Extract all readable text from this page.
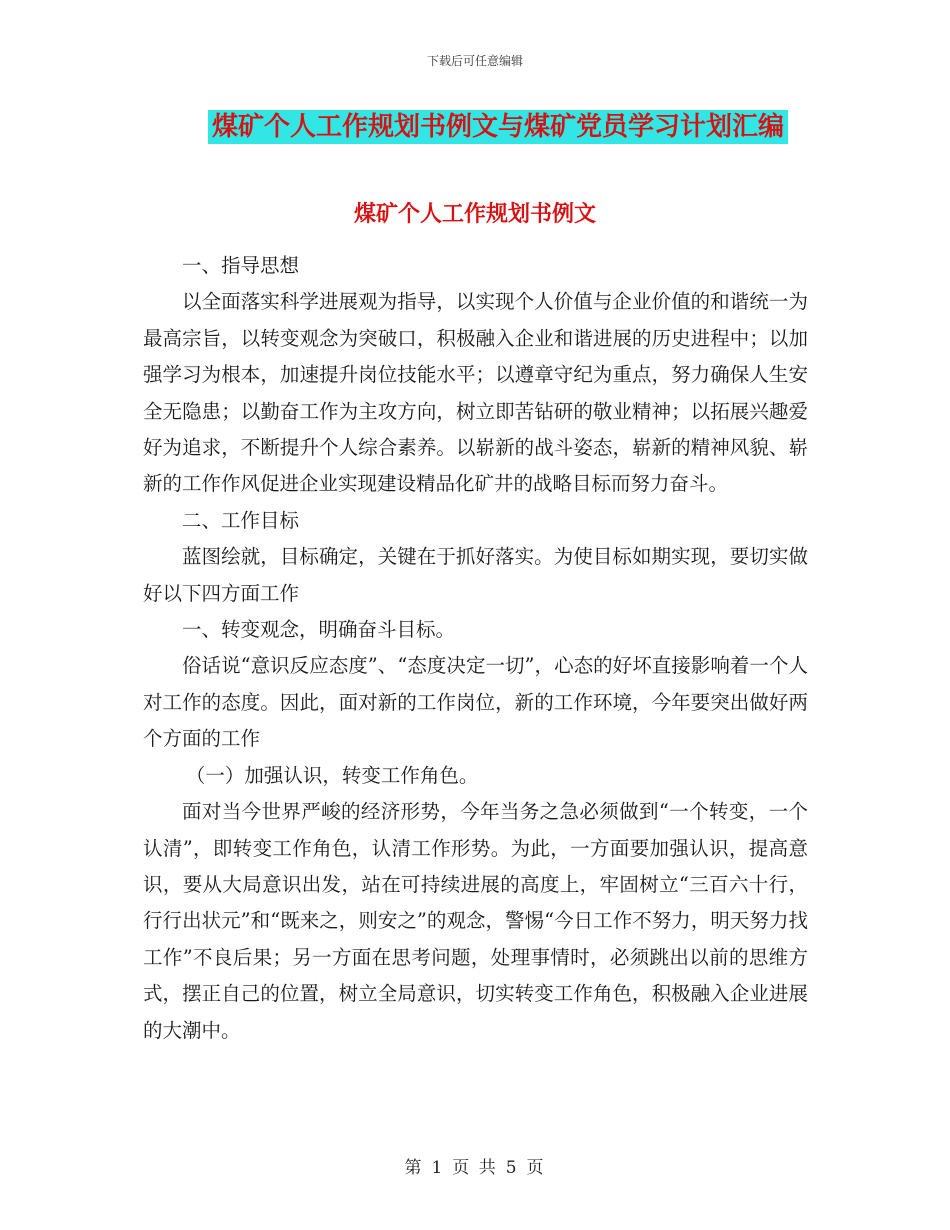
下载后可任意编辑
煤矿个人工作规划书例文与煤矿党员学习计划汇编
煤矿个人工作规划书例文

一、指导思想

以全面落实科学进展观为指导，以实现个人价值与企业价值的和谐统一为最高宗旨，以转变观念为突破口，积极融入企业和谐进展的历史进程中；以加强学习为根本，加速提升岗位技能水平；以遵章守纪为重点，努力确保人生安全无隐患；以勤奋工作为主攻方向，树立即苦钻研的敬业精神；以拓展兴趣爱好为追求，不断提升个人综合素养。以崭新的战斗姿态，崭新的精神风貌、崭新的工作作风促进企业实现建设精品化矿井的战略目标而努力奋斗。

二、工作目标

蓝图绘就，目标确定，关键在于抓好落实。为使目标如期实现，要切实做好以下四方面工作

一、转变观念，明确奋斗目标。

俗话说“意识反应态度”、“态度决定一切”，心态的好坏直接影响着一个人对工作的态度。因此，面对新的工作岗位，新的工作环境，今年要突出做好两个方面的工作

（一）加强认识，转变工作角色。

面对当今世界严峻的经济形势，今年当务之急必须做到“一个转变，一个认清”，即转变工作角色，认清工作形势。为此，一方面要加强认识，提高意识，要从大局意识出发，站在可持续进展的高度上，牢固树立“三百六十行，行行出状元”和“既来之，则安之”的观念，警惕“今日工作不努力，明天努力找工作”不良后果；另一方面在思考问题，处理事情时，必须跳出以前的思维方式，摆正自己的位置，树立全局意识，切实转变工作角色，积极融入企业进展的大潮中。

第 1 页 共 5 页
